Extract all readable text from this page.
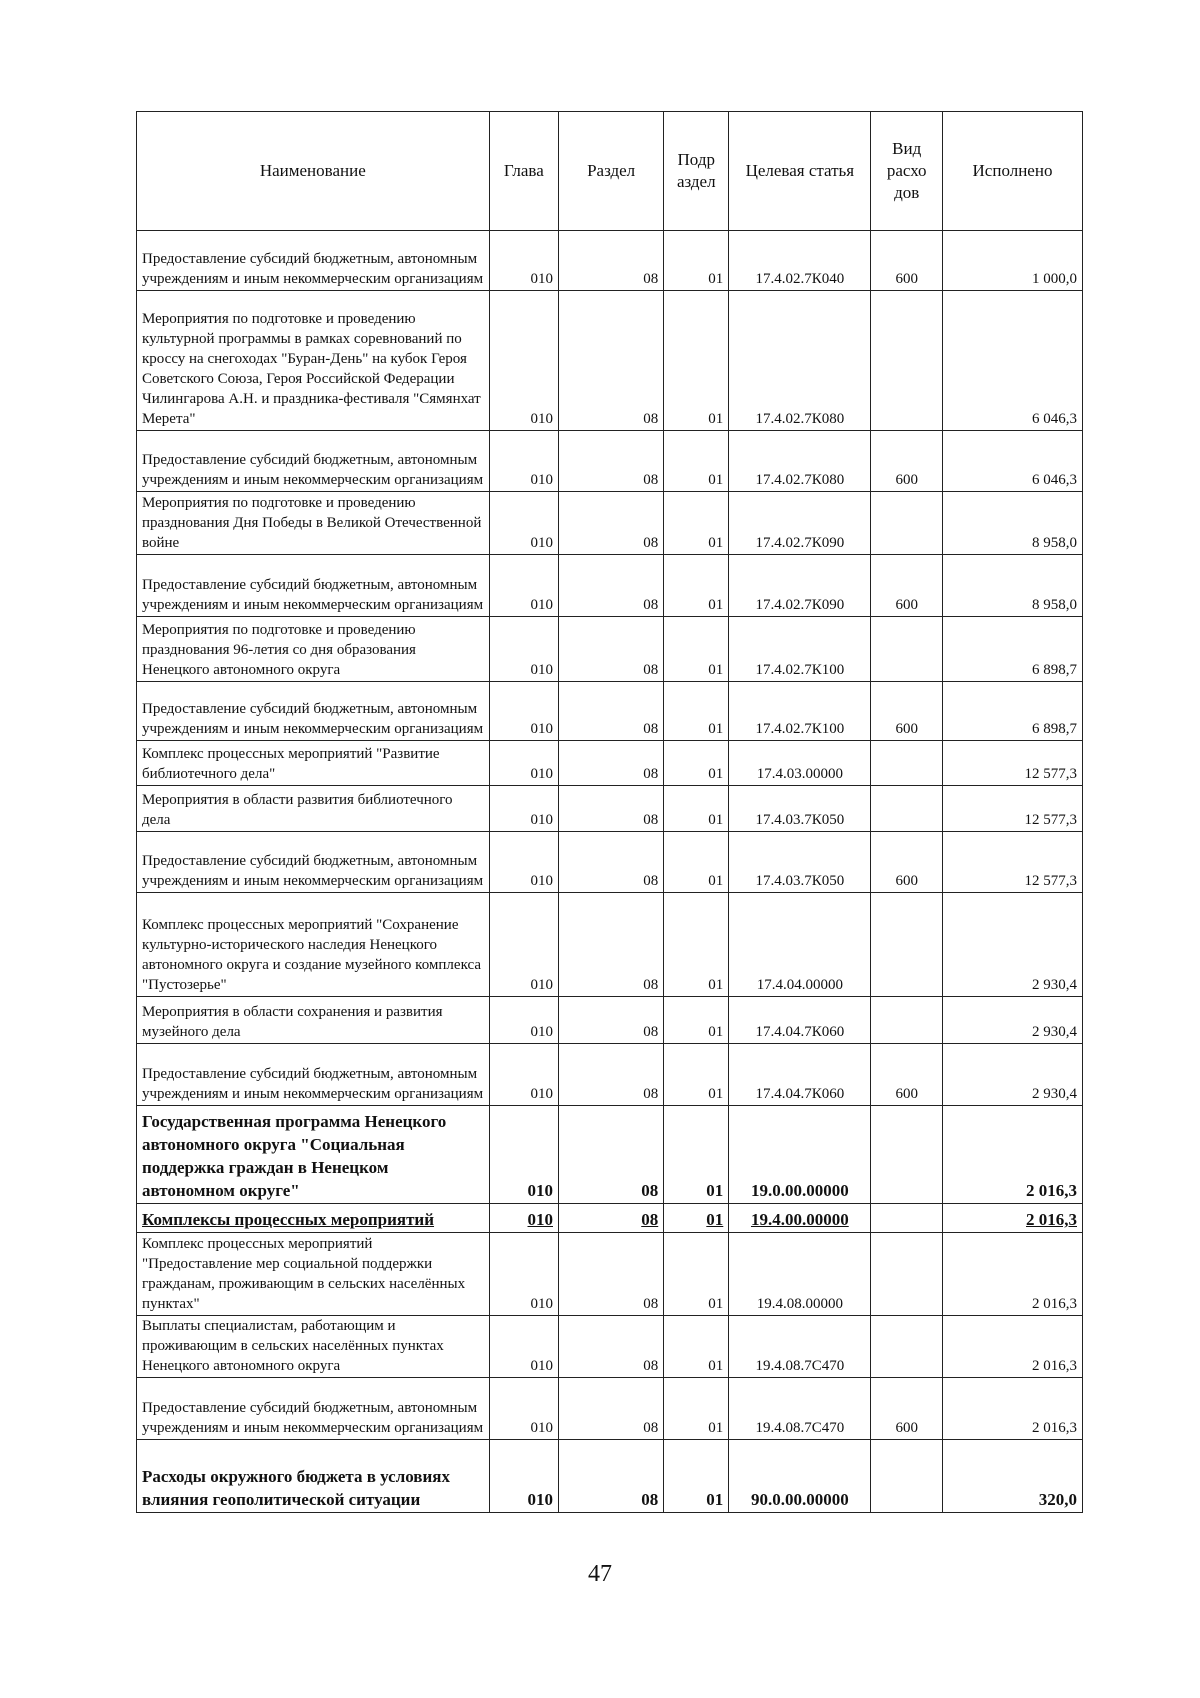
Наименование	Глава	Раздел	Подр аздел	Целевая статья	Вид расхо дов	Исполнено
Предоставление субсидий бюджетным, автономным учреждениям и иным некоммерческим организациям	010	08	01	17.4.02.7К040	600	1 000,0
Мероприятия по подготовке и проведению культурной программы в рамках соревнований по кроссу на снегоходах "Буран-День" на кубок Героя Советского Союза, Героя Российской Федерации Чилингарова А.Н. и праздника-фестиваля "Сямянхат Мерета"	010	08	01	17.4.02.7К080		6 046,3
Предоставление субсидий бюджетным, автономным учреждениям и иным некоммерческим организациям	010	08	01	17.4.02.7К080	600	6 046,3
Мероприятия по подготовке и проведению празднования Дня Победы в Великой Отечественной войне	010	08	01	17.4.02.7К090		8 958,0
Предоставление субсидий бюджетным, автономным учреждениям и иным некоммерческим организациям	010	08	01	17.4.02.7К090	600	8 958,0
Мероприятия по подготовке и проведению празднования 96-летия со дня образования Ненецкого автономного округа	010	08	01	17.4.02.7К100		6 898,7
Предоставление субсидий бюджетным, автономным учреждениям и иным некоммерческим организациям	010	08	01	17.4.02.7К100	600	6 898,7
Комплекс процессных мероприятий "Развитие библиотечного дела"	010	08	01	17.4.03.00000		12 577,3
Мероприятия в области развития библиотечного дела	010	08	01	17.4.03.7К050		12 577,3
Предоставление субсидий бюджетным, автономным учреждениям и иным некоммерческим организациям	010	08	01	17.4.03.7К050	600	12 577,3
Комплекс процессных мероприятий "Сохранение культурно-исторического наследия Ненецкого автономного округа и создание музейного комплекса "Пустозерье"	010	08	01	17.4.04.00000		2 930,4
Мероприятия в области сохранения и развития музейного дела	010	08	01	17.4.04.7К060		2 930,4
Предоставление субсидий бюджетным, автономным учреждениям и иным некоммерческим организациям	010	08	01	17.4.04.7К060	600	2 930,4
Государственная программа Ненецкого автономного округа "Социальная поддержка граждан в Ненецком автономном округе"	010	08	01	19.0.00.00000		2 016,3
Комплексы процессных мероприятий	010	08	01	19.4.00.00000		2 016,3
Комплекс процессных мероприятий "Предоставление мер социальной поддержки гражданам, проживающим в сельских населённых пунктах"	010	08	01	19.4.08.00000		2 016,3
Выплаты специалистам, работающим и проживающим в сельских населённых пунктах Ненецкого автономного округа	010	08	01	19.4.08.7С470		2 016,3
Предоставление субсидий бюджетным, автономным учреждениям и иным некоммерческим организациям	010	08	01	19.4.08.7С470	600	2 016,3
Расходы окружного бюджета в условиях влияния геополитической ситуации	010	08	01	90.0.00.00000		320,0
47
